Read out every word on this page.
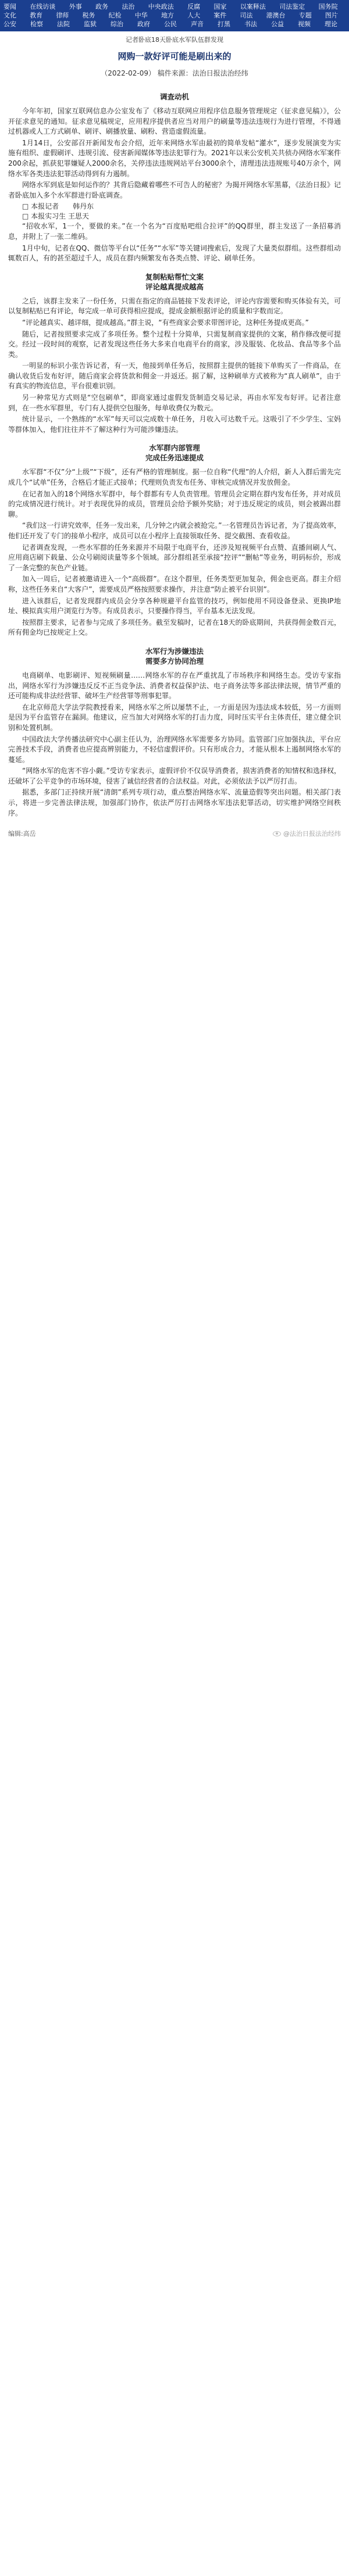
要闻	在线访谈	外事	政务	法治	中央政法	反腐	国家	以案释法	司法鉴定	国务院
文化	教育	律师	税务	纪检	中华	地方	人大	案件	司法	港澳台	专题	图片
公安	检察	法院	监狱	综治	政府	公民	声音	打黑	书法	公益	视频	理论
记者卧底18天卧底水军队伍群发现
网购一款好评可能是刷出来的
（2022-02-09） 稿件来源：法治日报法治经纬
调查动机

今年年初，国家互联网信息办公室发布了《移动互联网应用程序信息服务管理规定（征求意见稿）》，公开征求意见的通知。征求意见稿规定，应用程序提供者应当对用户的刷量等违法违规行为进行管理，不得通过机器或人工方式刷单、刷评、刷播放量、刷粉、营造虚假流量。

1月14日，公安部召开新闻发布会介绍，近年来网络水军由最初的简单发帖“灌水”，逐步发展演变为实施有组织、虚假刷评、违规引流、侵害新闻媒体等违法犯罪行为。2021年以来公安机关共侦办网络水军案件200余起，抓获犯罪嫌疑人2000余名，关停违法违规网站平台3000余个，清理违法违规账号40万余个，网络水军各类违法犯罪活动得到有力遏制。

网络水军到底是如何运作的？其背后隐藏着哪些不可告人的秘密？为揭开网络水军黑幕，《法治日报》记者卧底加入多个水军群进行卧底调查。

□ 本报记者　　韩丹东
□ 本报实习生 王思天

“招收水军，1一个，要做的来。”在一个名为“百度贴吧组合拉评”的QQ群里，群主发送了一条招募消息，并附上了一张二维码。

1月中旬，记者在QQ、微信等平台以“任务”“水军”等关键词搜索后，发现了大量类似群组。这些群组动辄数百人，有的甚至超过千人，成员在群内频繁发布各类点赞、评论、刷单任务。

复制粘贴帮忙文案
评论越真提成越高

之后，该群主发来了一份任务，只需在指定的商品链接下发表评论，评论内容需要和购买体验有关，可以复制粘贴已有评论，每完成一单可获得相应提成，提成金额根据评论的质量和字数而定。

“评论越真实、越详细，提成越高。”群主说，“有些商家会要求带图评论，这种任务提成更高。”

随后，记者按照要求完成了多项任务。整个过程十分简单，只需复制商家提供的文案，稍作修改便可提交。经过一段时间的观察，记者发现这些任务大多来自电商平台的商家，涉及服装、化妆品、食品等多个品类。

一明显的标识小张告诉记者，有一天，他接到单任务后，按照群主提供的链接下单购买了一件商品，在确认收货后发布好评，随后商家会将货款和佣金一并返还。据了解，这种刷单方式被称为“真人刷单”，由于有真实的物流信息，平台很难识别。

另一种常见方式则是“空包刷单”，即商家通过虚假发货制造交易记录，再由水军发布好评。记者注意到，在一些水军群里，专门有人提供空包服务，每单收费仅为数元。

统计显示，一个熟练的“水军”每天可以完成数十单任务，月收入可达数千元。这吸引了不少学生、宝妈等群体加入，他们往往并不了解这种行为可能涉嫌违法。

水军群内部管理
完成任务迅速提成

水军群“不仅”分“上级”“下级”，还有严格的管理制度。据一位自称“代理”的人介绍，新人入群后需先完成几个“试单”任务，合格后才能正式接单；代理则负责发布任务、审核完成情况并发放佣金。

在记者加入的18个网络水军群中，每个群都有专人负责管理。管理员会定期在群内发布任务，并对成员的完成情况进行统计。对于表现优异的成员，管理员会给予额外奖励；对于违反规定的成员，则会被踢出群聊。

“我们这一行讲究效率，任务一发出来，几分钟之内就会被抢完。”一名管理员告诉记者，为了提高效率，他们还开发了专门的接单小程序，成员可以在小程序上直接领取任务、提交截图、查看收益。

记者调查发现，一些水军群的任务来源并不局限于电商平台，还涉及短视频平台点赞、直播间刷人气、应用商店刷下载量、公众号刷阅读量等多个领域。部分群组甚至承接“控评”“删帖”等业务，明码标价，形成了一条完整的灰色产业链。

加入一周后，记者被邀请进入一个“高级群”。在这个群里，任务类型更加复杂，佣金也更高。群主介绍称，这些任务来自“大客户”，需要成员严格按照要求操作，并注意“防止被平台识别”。

进入该群后，记者发现群内成员会分享各种规避平台监管的技巧，例如使用不同设备登录、更换IP地址、模拟真实用户浏览行为等。有成员表示，只要操作得当，平台基本无法发现。

按照群主要求，记者参与完成了多项任务。截至发稿时，记者在18天的卧底期间，共获得佣金数百元，所有佣金均已按规定上交。

水军行为涉嫌违法
需要多方协同治理

电商刷单、电影刷评、短视频刷量……网络水军的存在严重扰乱了市场秩序和网络生态。受访专家指出，网络水军行为涉嫌违反反不正当竞争法、消费者权益保护法、电子商务法等多部法律法规，情节严重的还可能构成非法经营罪、破坏生产经营罪等刑事犯罪。

在北京师范大学法学院教授看来，网络水军之所以屡禁不止，一方面是因为违法成本较低，另一方面则是因为平台监管存在漏洞。他建议，应当加大对网络水军的打击力度，同时压实平台主体责任，建立健全识别和处置机制。

中国政法大学传播法研究中心副主任认为，治理网络水军需要多方协同。监管部门应加强执法，平台应完善技术手段，消费者也应提高辨别能力，不轻信虚假评价。只有形成合力，才能从根本上遏制网络水军的蔓延。

“网络水军的危害不容小觑。”受访专家表示，虚假评价不仅误导消费者，损害消费者的知情权和选择权，还破坏了公平竞争的市场环境，侵害了诚信经营者的合法权益。对此，必须依法予以严厉打击。

据悉，多部门正持续开展“清朗”系列专项行动，重点整治网络水军、流量造假等突出问题。相关部门表示，将进一步完善法律法规，加强部门协作，依法严厉打击网络水军违法犯罪活动，切实维护网络空间秩序。

编辑:高岳	@法治日报法治经纬
